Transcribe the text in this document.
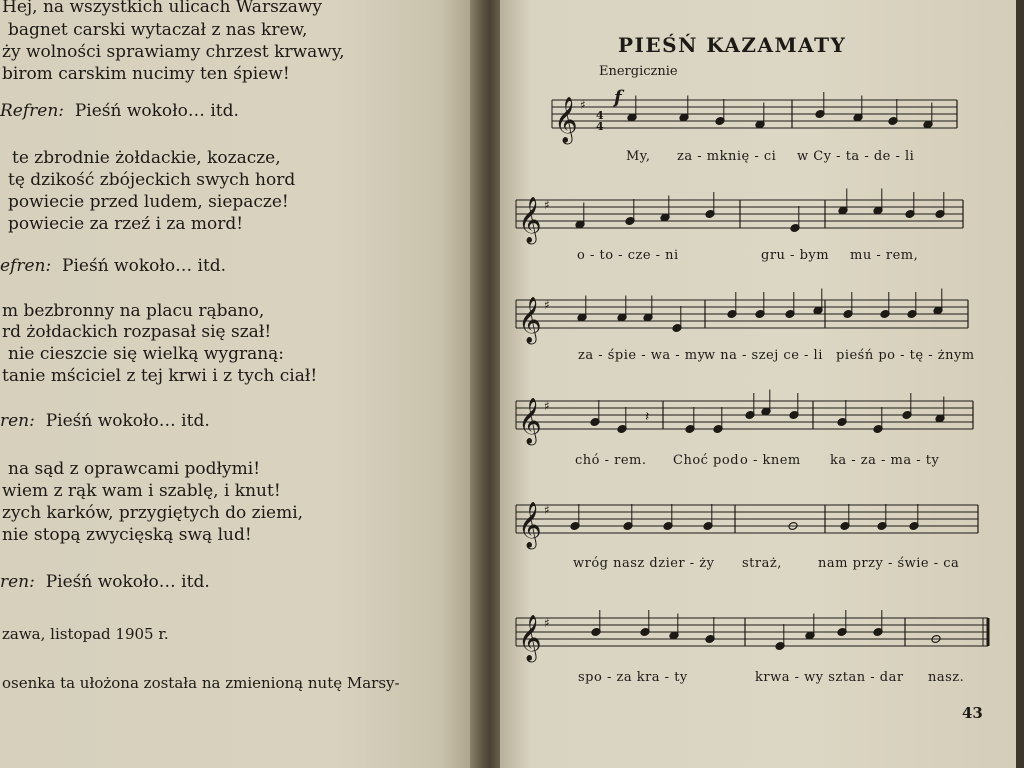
Hej, na wszystkich ulicach Warszawy
bagnet carski wytaczał z nas krew,
ży wolności sprawiamy chrzest krwawy,
birom carskim nucimy ten śpiew!
Refren: Pieśń wokoło… itd.
te zbrodnie żołdackie, kozacze,
tę dzikość zbójeckich swych hord
powiecie przed ludem, siepacze!
powiecie za rzeź i za mord!
efren: Pieśń wokoło… itd.
m bezbronny na placu rąbano,
rd żołdackich rozpasał się szał!
nie cieszcie się wielką wygraną:
tanie mściciel z tej krwi i z tych ciał!
ren: Pieśń wokoło… itd.
na sąd z oprawcami podłymi!
wiem z rąk wam i szablę, i knut!
zych karków, przygiętych do ziemi,
nie stopą zwycięską swą lud!
ren: Pieśń wokoło… itd.
zawa, listopad 1905 r.
osenka ta ułożona została na zmienioną nutę Marsy-
PIEŚŃ KAZAMATY
Energicznie
𝄞 ♯
𝄞 ♯
𝄞 ♯
𝄞 ♯
𝄞 ♯
𝄞 ♯
𝄽
f
4
4
My, za - mknię - ci w Cy - ta - de - li
o - to - cze - ni	gru - bym mu - rem,
za - śpie - wa - my
w na - szej ce - li pieśń po - tę - żnym
chó - rem. Choć pod o - knem ka - za - ma - ty
wróg nasz dzier - ży straż,	nam przy - świe - ca
spo - za kra - ty	krwa - wy sztan - dar nasz.
43
